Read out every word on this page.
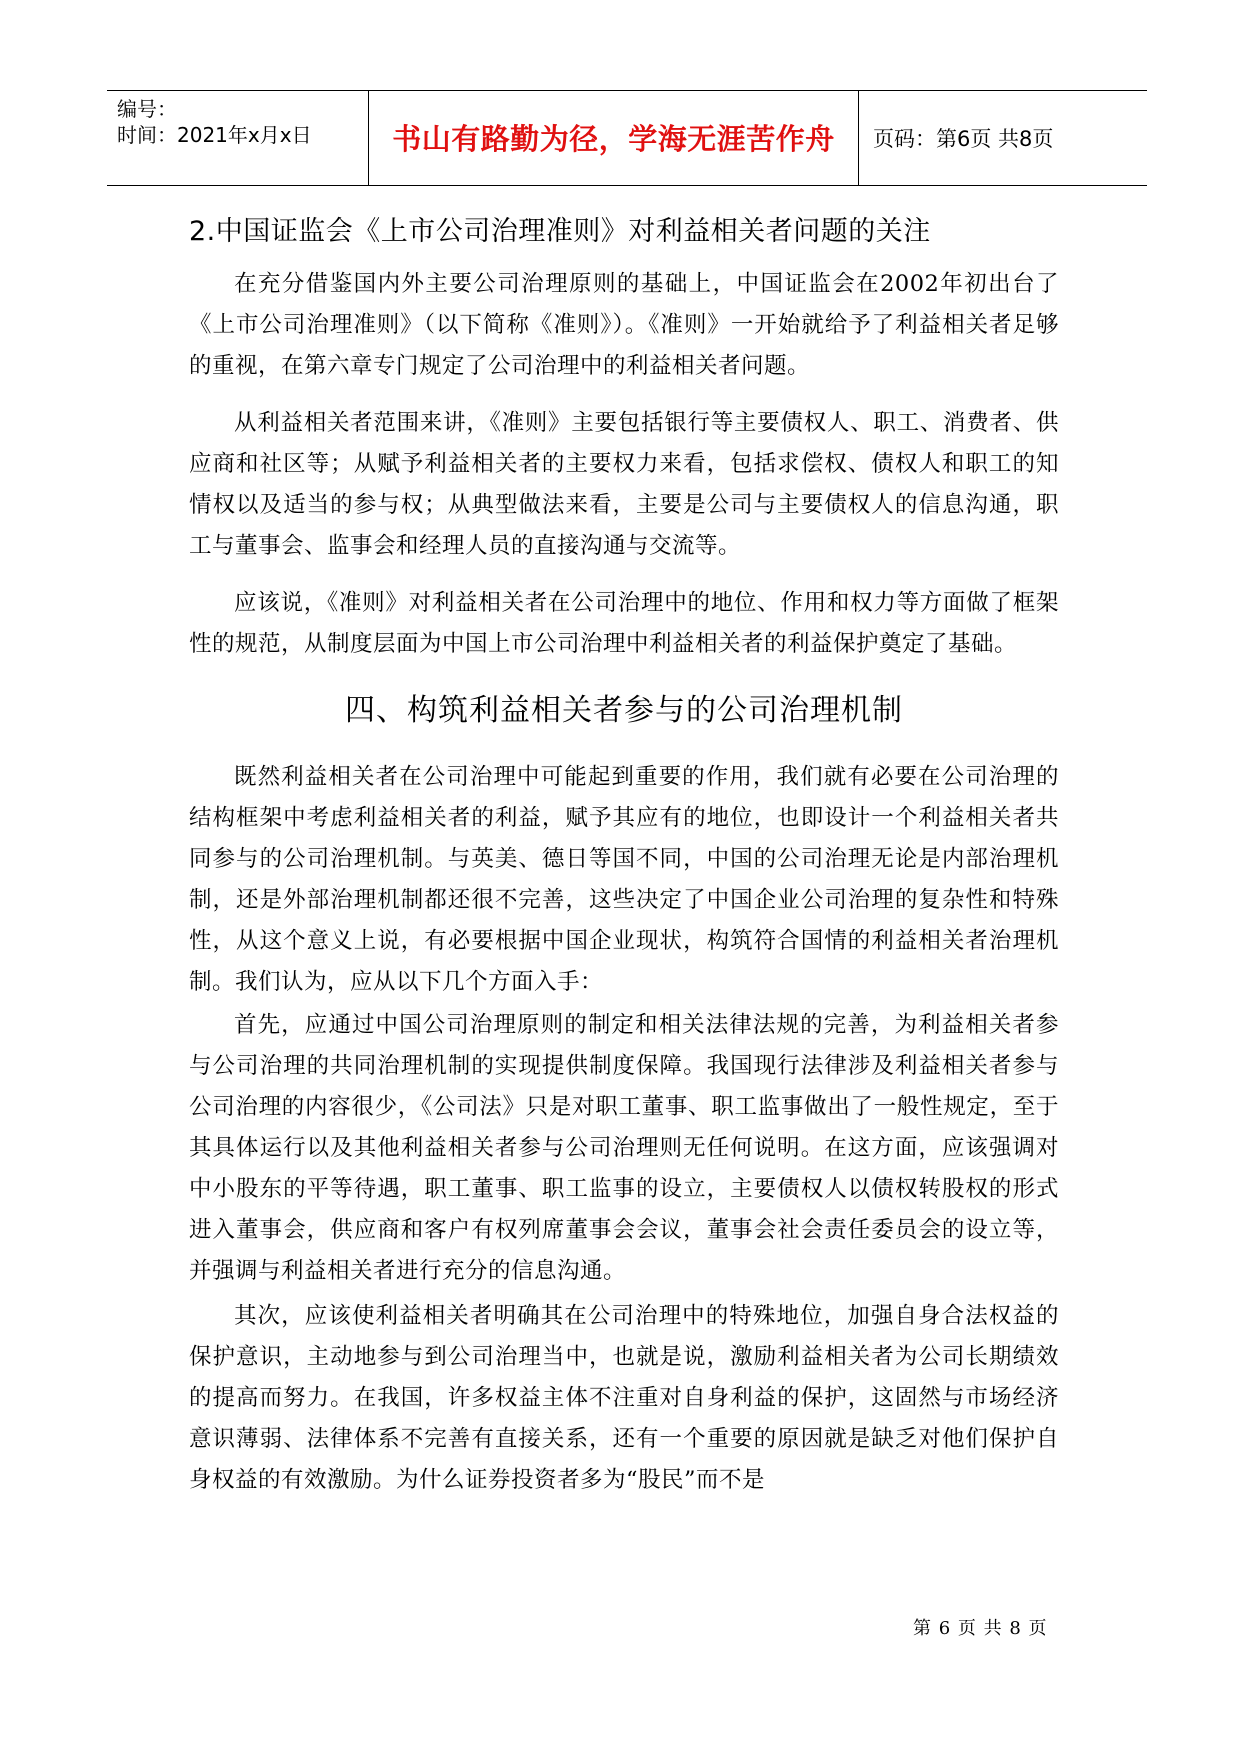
编号：
时间：2021年x月x日	书山有路勤为径，学海无涯苦作舟 页码：第6页 共8页
2.中国证监会《上市公司治理准则》对利益相关者问题的关注

在充分借鉴国内外主要公司治理原则的基础上，中国证监会在2002年初出台了《上市公司治理准则》（以下简称《准则》）。《准则》一开始就给予了利益相关者足够的重视，在第六章专门规定了公司治理中的利益相关者问题。

从利益相关者范围来讲，《准则》主要包括银行等主要债权人、职工、消费者、供应商和社区等；从赋予利益相关者的主要权力来看，包括求偿权、债权人和职工的知情权以及适当的参与权；从典型做法来看，主要是公司与主要债权人的信息沟通，职工与董事会、监事会和经理人员的直接沟通与交流等。

应该说，《准则》对利益相关者在公司治理中的地位、作用和权力等方面做了框架性的规范，从制度层面为中国上市公司治理中利益相关者的利益保护奠定了基础。

四、构筑利益相关者参与的公司治理机制

既然利益相关者在公司治理中可能起到重要的作用，我们就有必要在公司治理的结构框架中考虑利益相关者的利益，赋予其应有的地位，也即设计一个利益相关者共同参与的公司治理机制。与英美、德日等国不同，中国的公司治理无论是内部治理机制，还是外部治理机制都还很不完善，这些决定了中国企业公司治理的复杂性和特殊性，从这个意义上说，有必要根据中国企业现状，构筑符合国情的利益相关者治理机制。我们认为，应从以下几个方面入手：

首先，应通过中国公司治理原则的制定和相关法律法规的完善，为利益相关者参与公司治理的共同治理机制的实现提供制度保障。我国现行法律涉及利益相关者参与公司治理的内容很少，《公司法》只是对职工董事、职工监事做出了一般性规定，至于其具体运行以及其他利益相关者参与公司治理则无任何说明。在这方面，应该强调对中小股东的平等待遇，职工董事、职工监事的设立，主要债权人以债权转股权的形式进入董事会，供应商和客户有权列席董事会会议，董事会社会责任委员会的设立等，并强调与利益相关者进行充分的信息沟通。

其次，应该使利益相关者明确其在公司治理中的特殊地位，加强自身合法权益的保护意识，主动地参与到公司治理当中，也就是说，激励利益相关者为公司长期绩效的提高而努力。在我国，许多权益主体不注重对自身利益的保护，这固然与市场经济意识薄弱、法律体系不完善有直接关系，还有一个重要的原因就是缺乏对他们保护自身权益的有效激励。为什么证券投资者多为“股民”而不是

第 6 页 共 8 页
